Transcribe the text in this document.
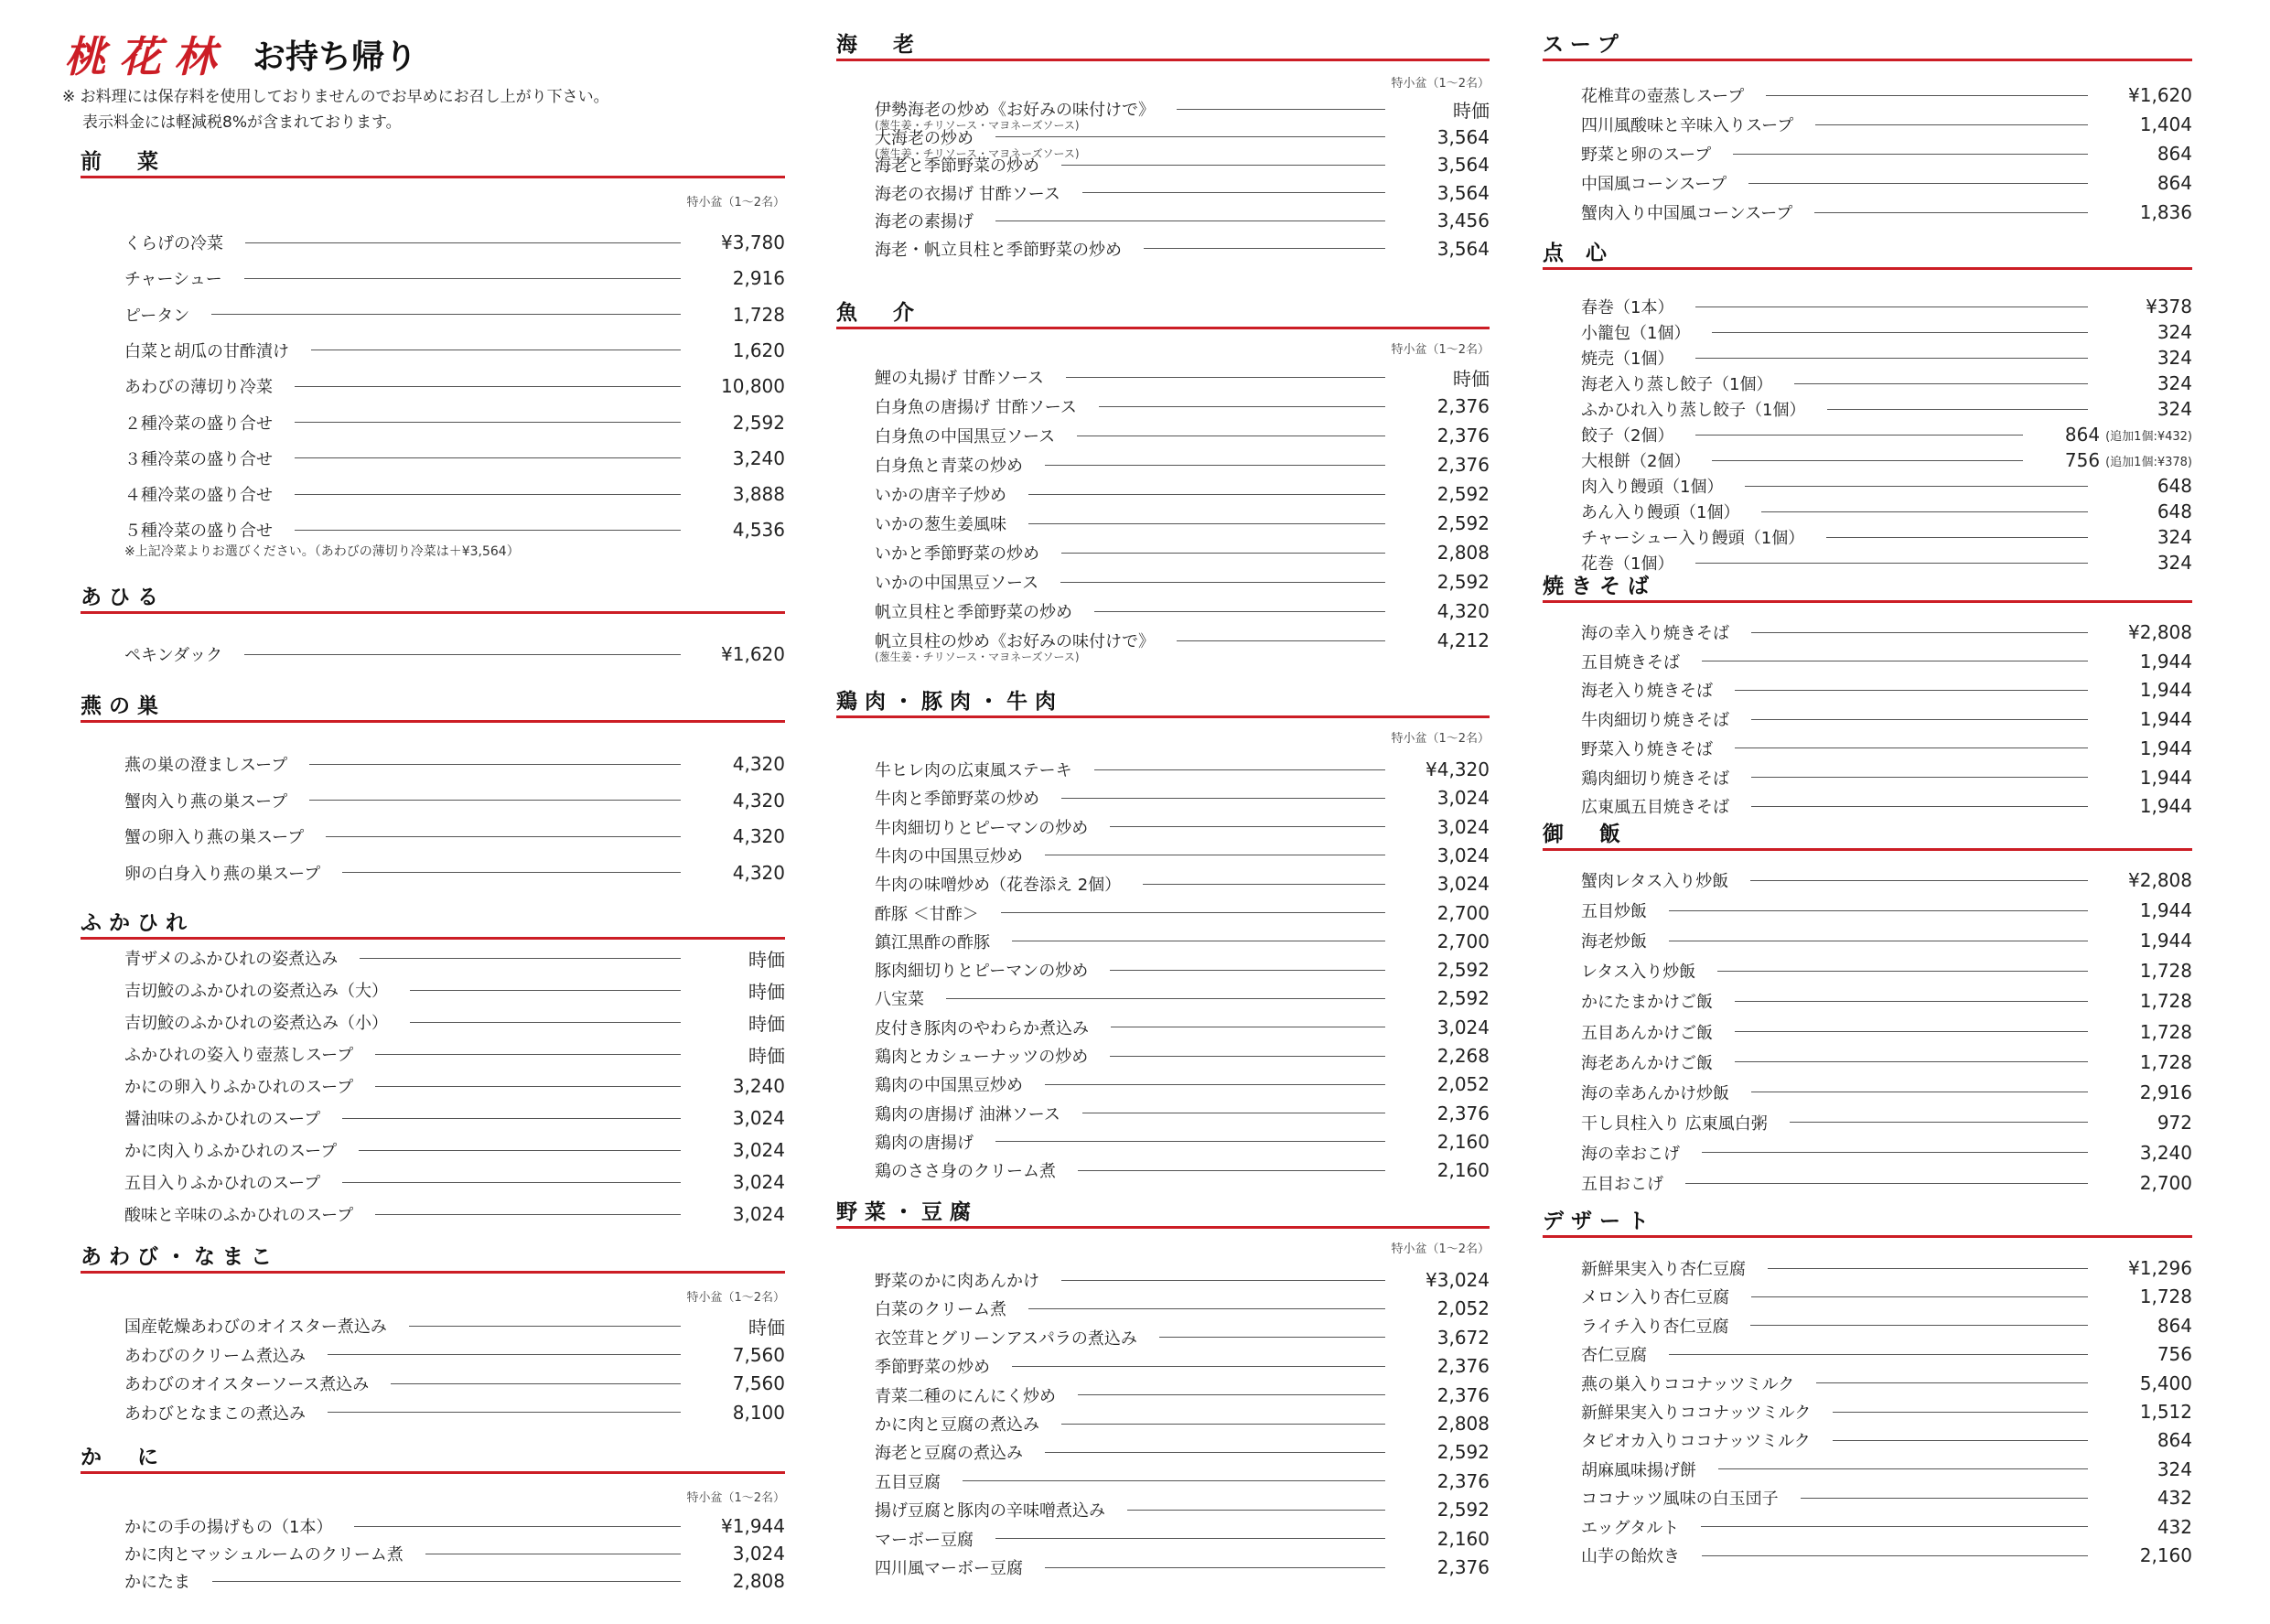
桃花林 お持ち帰り
※ お料理には保存料を使用しておりませんのでお早めにお召し上がり下さい。
表示料金には軽減税8%が含まれております。
前　菜
特小盆（1～2名）
くらげの冷菜	¥3,780
チャーシュー	2,916
ピータン	1,728
白菜と胡瓜の甘酢漬け	1,620
あわびの薄切り冷菜	10,800
２種冷菜の盛り合せ	2,592
３種冷菜の盛り合せ	3,240
４種冷菜の盛り合せ	3,888
５種冷菜の盛り合せ	4,536
※上記冷菜よりお選びください。（あわびの薄切り冷菜は＋¥3,564）
あひる
ペキンダック	¥1,620
燕の巣
燕の巣の澄ましスープ	4,320
蟹肉入り燕の巣スープ	4,320
蟹の卵入り燕の巣スープ	4,320
卵の白身入り燕の巣スープ	4,320
ふかひれ
青ザメのふかひれの姿煮込み	時価
吉切鮫のふかひれの姿煮込み（大）	時価
吉切鮫のふかひれの姿煮込み（小）	時価
ふかひれの姿入り壺蒸しスープ	時価
かにの卵入りふかひれのスープ	3,240
醤油味のふかひれのスープ	3,024
かに肉入りふかひれのスープ	3,024
五目入りふかひれのスープ	3,024
酸味と辛味のふかひれのスープ	3,024
あわび・なまこ
特小盆（1～2名）
国産乾燥あわびのオイスター煮込み	時価
あわびのクリーム煮込み	7,560
あわびのオイスターソース煮込み	7,560
あわびとなまこの煮込み	8,100
か　に
特小盆（1～2名）
かにの手の揚げもの（1本）	¥1,944
かに肉とマッシュルームのクリーム煮	3,024
かにたま	2,808
海　老
特小盆（1～2名）
伊勢海老の炒め《お好みの味付けで》	時価
(葱生姜・チリソース・マヨネーズソース)
大海老の炒め	3,564
(葱生姜・チリソース・マヨネーズソース)
海老と季節野菜の炒め	3,564
海老の衣揚げ 甘酢ソース	3,564
海老の素揚げ	3,456
海老・帆立貝柱と季節野菜の炒め	3,564
魚　介
特小盆（1～2名）
鯉の丸揚げ 甘酢ソース	時価
白身魚の唐揚げ 甘酢ソース	2,376
白身魚の中国黒豆ソース	2,376
白身魚と青菜の炒め	2,376
いかの唐辛子炒め	2,592
いかの葱生姜風味	2,592
いかと季節野菜の炒め	2,808
いかの中国黒豆ソース	2,592
帆立貝柱と季節野菜の炒め	4,320
帆立貝柱の炒め《お好みの味付けで》	4,212
(葱生姜・チリソース・マヨネーズソース)
鶏肉・豚肉・牛肉
特小盆（1～2名）
牛ヒレ肉の広東風ステーキ	¥4,320
牛肉と季節野菜の炒め	3,024
牛肉細切りとピーマンの炒め	3,024
牛肉の中国黒豆炒め	3,024
牛肉の味噌炒め（花巻添え 2個）	3,024
酢豚 ＜甘酢＞	2,700
鎮江黒酢の酢豚	2,700
豚肉細切りとピーマンの炒め	2,592
八宝菜	2,592
皮付き豚肉のやわらか煮込み	3,024
鶏肉とカシューナッツの炒め	2,268
鶏肉の中国黒豆炒め	2,052
鶏肉の唐揚げ 油淋ソース	2,376
鶏肉の唐揚げ	2,160
鶏のささ身のクリーム煮	2,160
野菜・豆腐
特小盆（1～2名）
野菜のかに肉あんかけ	¥3,024
白菜のクリーム煮	2,052
衣笠茸とグリーンアスパラの煮込み	3,672
季節野菜の炒め	2,376
青菜二種のにんにく炒め	2,376
かに肉と豆腐の煮込み	2,808
海老と豆腐の煮込み	2,592
五目豆腐	2,376
揚げ豆腐と豚肉の辛味噌煮込み	2,592
マーボー豆腐	2,160
四川風マーボー豆腐	2,376
スープ
花椎茸の壺蒸しスープ	¥1,620
四川風酸味と辛味入りスープ	1,404
野菜と卵のスープ	864
中国風コーンスープ	864
蟹肉入り中国風コーンスープ	1,836
点 心
春巻（1本）	¥378
小籠包（1個）	324
焼売（1個）	324
海老入り蒸し餃子（1個）	324
ふかひれ入り蒸し餃子（1個）	324
餃子（2個）	864 (追加1個:¥432)
大根餅（2個）	756 (追加1個:¥378)
肉入り饅頭（1個）	648
あん入り饅頭（1個）	648
チャーシュー入り饅頭（1個）	324
花巻（1個）	324
焼きそば
海の幸入り焼きそば	¥2,808
五目焼きそば	1,944
海老入り焼きそば	1,944
牛肉細切り焼きそば	1,944
野菜入り焼きそば	1,944
鶏肉細切り焼きそば	1,944
広東風五目焼きそば	1,944
御　飯
蟹肉レタス入り炒飯	¥2,808
五目炒飯	1,944
海老炒飯	1,944
レタス入り炒飯	1,728
かにたまかけご飯	1,728
五目あんかけご飯	1,728
海老あんかけご飯	1,728
海の幸あんかけ炒飯	2,916
干し貝柱入り 広東風白粥	972
海の幸おこげ	3,240
五目おこげ	2,700
デザート
新鮮果実入り杏仁豆腐	¥1,296
メロン入り杏仁豆腐	1,728
ライチ入り杏仁豆腐	864
杏仁豆腐	756
燕の巣入りココナッツミルク	5,400
新鮮果実入りココナッツミルク	1,512
タピオカ入りココナッツミルク	864
胡麻風味揚げ餅	324
ココナッツ風味の白玉団子	432
エッグタルト	432
山芋の飴炊き	2,160
